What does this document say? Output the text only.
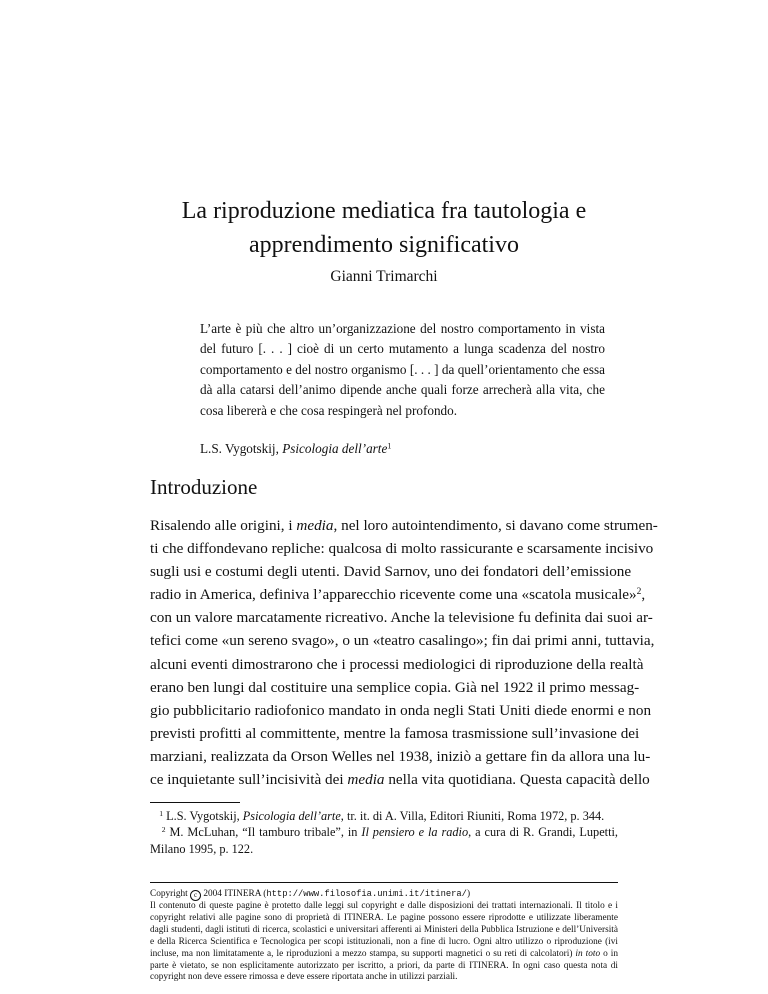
La riproduzione mediatica fra tautologia e
apprendimento significativo
Gianni Trimarchi
L’arte è più che altro un’organizzazione del nostro comportamento in vista del futuro [. . . ] cioè di un certo mutamento a lunga scadenza del nostro comportamento e del nostro organismo [. . . ] da quell’orientamento che essa dà alla catarsi dell’animo dipende anche quali forze arrecherà alla vita, che cosa libererà e che cosa respingerà nel profondo.
L.S. Vygotskij, Psicologia dell’arte$^1$
Introduzione
Risalendo alle origini, i media, nel loro autointendimento, si davano come strumen-
ti che diffondevano repliche: qualcosa di molto rassicurante e scarsamente incisivo
sugli usi e costumi degli utenti. David Sarnov, uno dei fondatori dell’emissione
radio in America, definiva l’apparecchio ricevente come una «scatola musicale»$^2$,
con un valore marcatamente ricreativo. Anche la televisione fu definita dai suoi ar-
tefici come «un sereno svago», o un «teatro casalingo»; fin dai primi anni, tuttavia,
alcuni eventi dimostrarono che i processi mediologici di riproduzione della realtà
erano ben lungi dal costituire una semplice copia. Già nel 1922 il primo messag-
gio pubblicitario radiofonico mandato in onda negli Stati Uniti diede enormi e non
previsti profitti al committente, mentre la famosa trasmissione sull’invasione dei
marziani, realizzata da Orson Welles nel 1938, iniziò a gettare fin da allora una lu-
ce inquietante sull’incisività dei media nella vita quotidiana. Questa capacità dello
$^1$ L.S. Vygotskij, Psicologia dell’arte, tr. it. di A. Villa, Editori Riuniti, Roma 1972, p. 344.
$^2$ M. McLuhan, “Il tamburo tribale”, in Il pensiero e la radio, a cura di R. Grandi, Lupetti, Milano 1995, p. 122.
Copyright c 2004 ITINERA (http://www.filosofia.unimi.it/itinera/)
Il contenuto di queste pagine è protetto dalle leggi sul copyright e dalle disposizioni dei trattati internazionali. Il titolo e i copyright relativi alle pagine sono di proprietà di ITINERA. Le pagine possono essere riprodotte e utilizzate liberamente dagli studenti, dagli istituti di ricerca, scolastici e universitari afferenti ai Ministeri della Pubblica Istruzione e dell’Università e della Ricerca Scientifica e Tecnologica per scopi istituzionali, non a fine di lucro. Ogni altro utilizzo o riproduzione (ivi incluse, ma non limitatamente a, le riproduzioni a mezzo stampa, su supporti magnetici o su reti di calcolatori) in toto o in parte è vietato, se non esplicitamente autorizzato per iscritto, a priori, da parte di ITINERA. In ogni caso questa nota di copyright non deve essere rimossa e deve essere riportata anche in utilizzi parziali.
